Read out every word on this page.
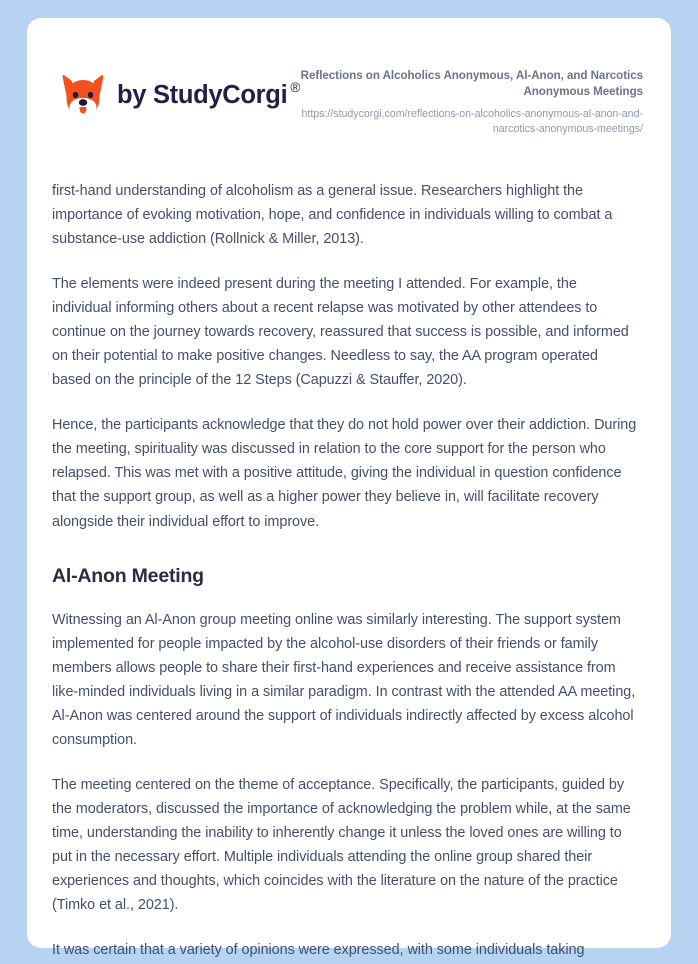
by StudyCorgi ®

Reflections on Alcoholics Anonymous, Al-Anon, and Narcotics Anonymous Meetings

https://studycorgi.com/reflections-on-alcoholics-anonymous-al-anon-and-narcotics-anonymous-meetings/

first-hand understanding of alcoholism as a general issue. Researchers highlight the importance of evoking motivation, hope, and confidence in individuals willing to combat a substance-use addiction (Rollnick & Miller, 2013).

The elements were indeed present during the meeting I attended. For example, the individual informing others about a recent relapse was motivated by other attendees to continue on the journey towards recovery, reassured that success is possible, and informed on their potential to make positive changes. Needless to say, the AA program operated based on the principle of the 12 Steps (Capuzzi & Stauffer, 2020).

Hence, the participants acknowledge that they do not hold power over their addiction. During the meeting, spirituality was discussed in relation to the core support for the person who relapsed. This was met with a positive attitude, giving the individual in question confidence that the support group, as well as a higher power they believe in, will facilitate recovery alongside their individual effort to improve.

Al-Anon Meeting

Witnessing an Al-Anon group meeting online was similarly interesting. The support system implemented for people impacted by the alcohol-use disorders of their friends or family members allows people to share their first-hand experiences and receive assistance from like-minded individuals living in a similar paradigm. In contrast with the attended AA meeting, Al-Anon was centered around the support of individuals indirectly affected by excess alcohol consumption.

The meeting centered on the theme of acceptance. Specifically, the participants, guided by the moderators, discussed the importance of acknowledging the problem while, at the same time, understanding the inability to inherently change it unless the loved ones are willing to put in the necessary effort. Multiple individuals attending the online group shared their experiences and thoughts, which coincides with the literature on the nature of the practice (Timko et al., 2021).

It was certain that a variety of opinions were expressed, with some individuals taking
